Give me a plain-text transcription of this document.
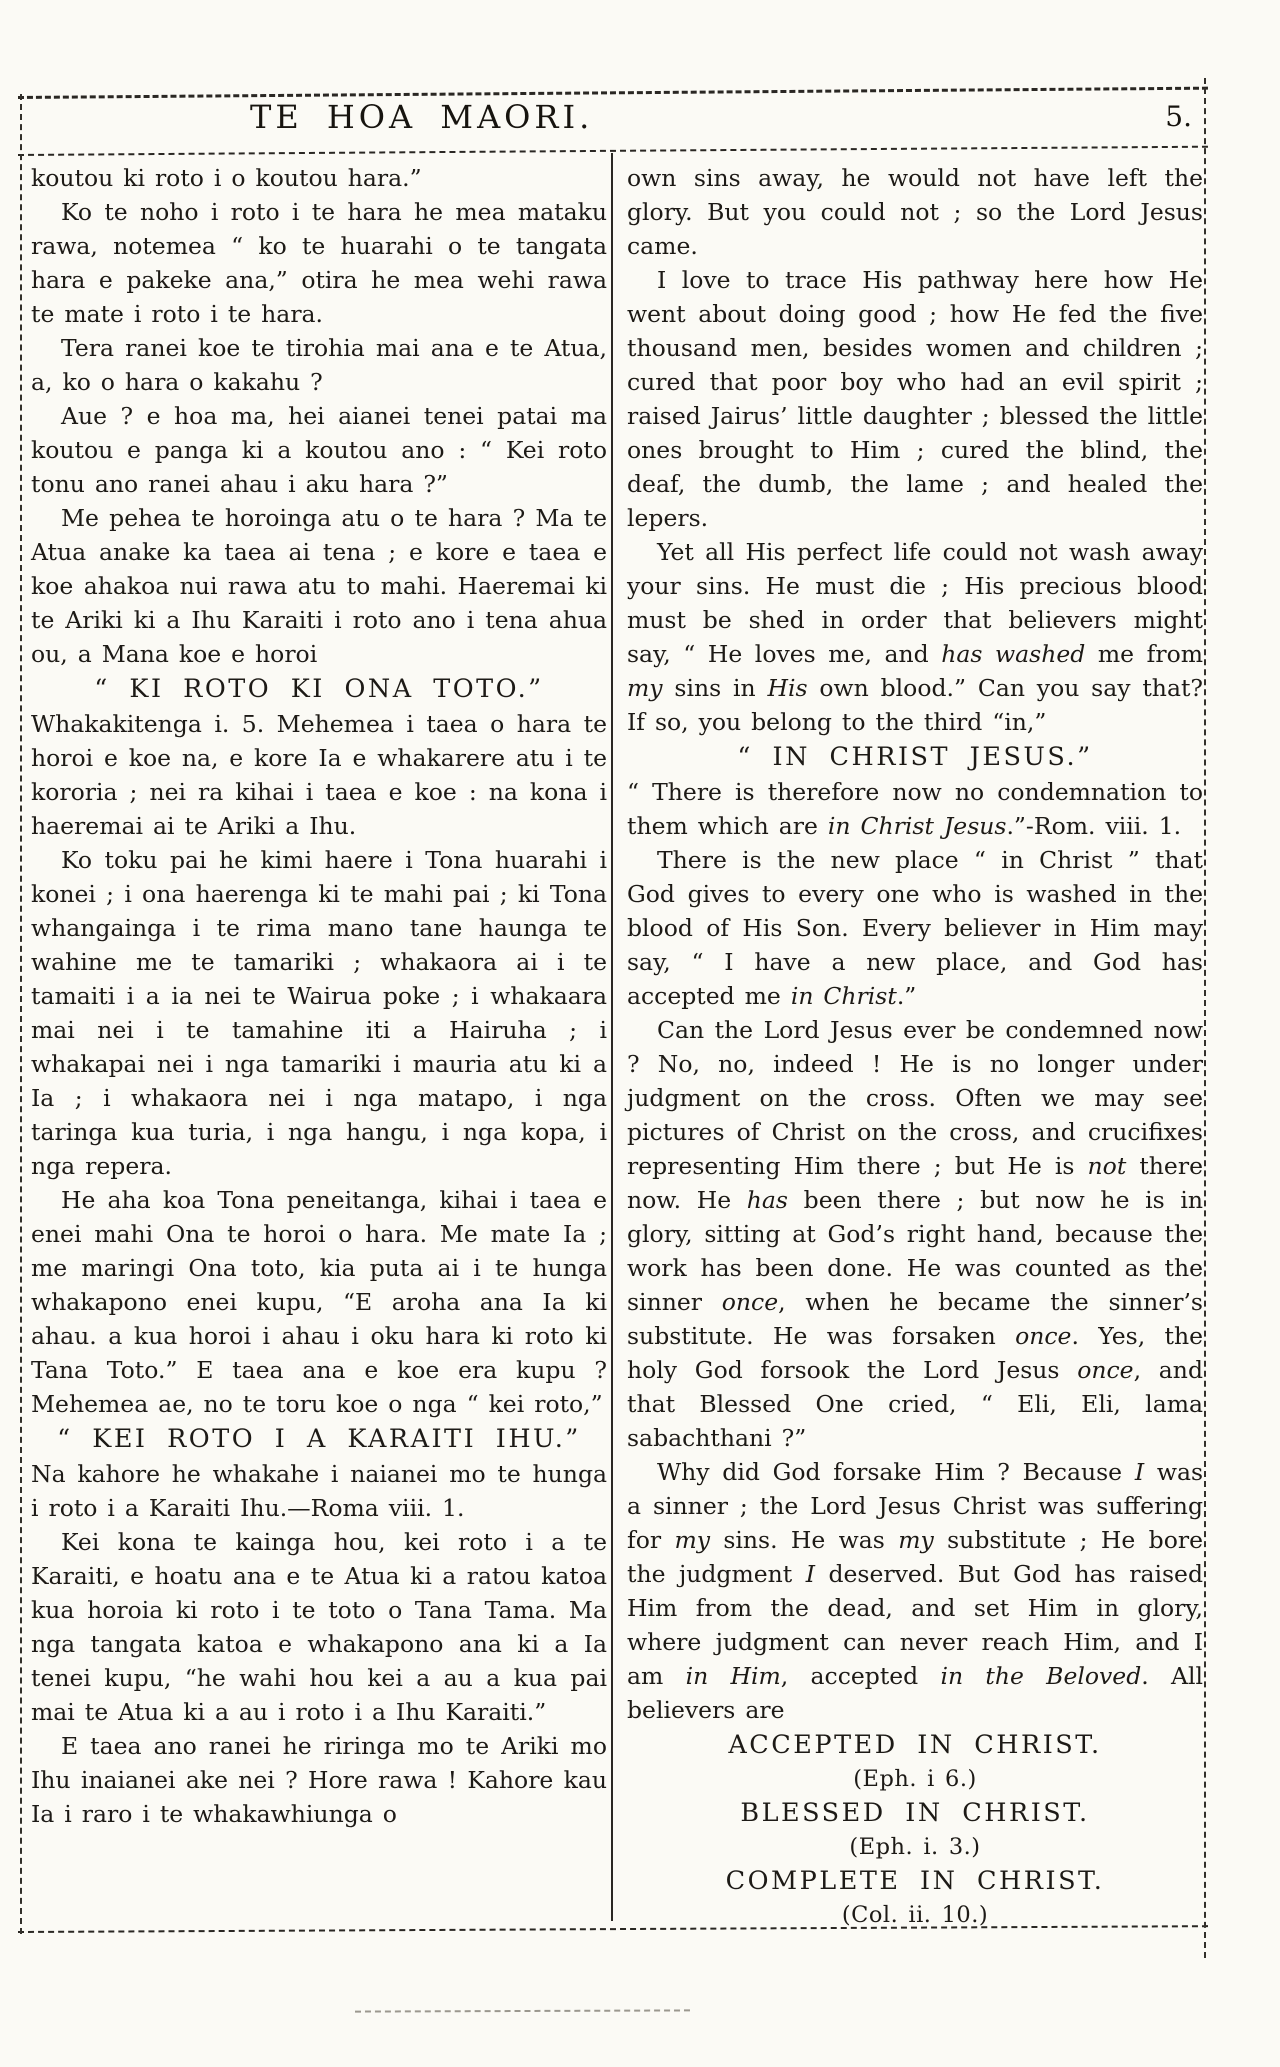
TE HOA MAORI.	5.

koutou ki roto i o koutou hara.”

Ko te noho i roto i te hara he mea mataku rawa, notemea “ ko te huarahi o te tangata hara e pakeke ana,” otira he mea wehi rawa te mate i roto i te hara.

Tera ranei koe te tirohia mai ana e te Atua, a, ko o hara o kakahu ?

Aue ? e hoa ma, hei aianei tenei patai ma koutou e panga ki a koutou ano : “ Kei roto tonu ano ranei ahau i aku hara ?”

Me pehea te horoinga atu o te hara ? Ma te Atua anake ka taea ai tena ; e kore e taea e koe ahakoa nui rawa atu to mahi. Haeremai ki te Ariki ki a Ihu Karaiti i roto ano i tena ahua ou, a Mana koe e horoi

“ KI ROTO KI ONA TOTO.”

Whakakitenga i. 5. Mehemea i taea o hara te horoi e koe na, e kore Ia e whakarere atu i te kororia ; nei ra kihai i taea e koe : na kona i haeremai ai te Ariki a Ihu.

Ko toku pai he kimi haere i Tona huarahi i konei ; i ona haerenga ki te mahi pai ; ki Tona whangainga i te rima mano tane haunga te wahine me te tamariki ; whakaora ai i te tamaiti i a ia nei te Wairua poke ; i whakaara mai nei i te tamahine iti a Hairuha ; i whakapai nei i nga tamariki i mauria atu ki a Ia ; i whakaora nei i nga matapo, i nga taringa kua turia, i nga hangu, i nga kopa, i nga repera.

He aha koa Tona peneitanga, kihai i taea e enei mahi Ona te horoi o hara. Me mate Ia ; me maringi Ona toto, kia puta ai i te hunga whakapono enei kupu, “E aroha ana Ia ki ahau. a kua horoi i ahau i oku hara ki roto ki Tana Toto.” E taea ana e koe era kupu ? Mehemea ae, no te toru koe o nga “ kei roto,”

“ KEI ROTO I A KARAITI IHU.”

Na kahore he whakahe i naianei mo te hunga i roto i a Karaiti Ihu.—Roma viii. 1.

Kei kona te kainga hou, kei roto i a te Karaiti, e hoatu ana e te Atua ki a ratou katoa kua horoia ki roto i te toto o Tana Tama. Ma nga tangata katoa e whakapono ana ki a Ia tenei kupu, “he wahi hou kei a au a kua pai mai te Atua ki a au i roto i a Ihu Karaiti.”

E taea ano ranei he riringa mo te Ariki mo Ihu inaianei ake nei ? Hore rawa ! Kahore kau Ia i raro i te whakawhiunga o

own sins away, he would not have left the glory. But you could not ; so the Lord Jesus came.

I love to trace His pathway here how He went about doing good ; how He fed the five thousand men, besides women and children ; cured that poor boy who had an evil spirit ; raised Jairus’ little daughter ; blessed the little ones brought to Him ; cured the blind, the deaf, the dumb, the lame ; and healed the lepers.

Yet all His perfect life could not wash away your sins. He must die ; His precious blood must be shed in order that believers might say, “ He loves me, and has washed me from my sins in His own blood.” Can you say that? If so, you belong to the third “in,”

“ IN CHRIST JESUS.”

“ There is therefore now no condemnation to them which are in Christ Jesus.”-Rom. viii. 1.

There is the new place “ in Christ ” that God gives to every one who is washed in the blood of His Son. Every believer in Him may say, “ I have a new place, and God has accepted me in Christ.”

Can the Lord Jesus ever be condemned now ? No, no, indeed ! He is no longer under judgment on the cross. Often we may see pictures of Christ on the cross, and crucifixes representing Him there ; but He is not there now. He has been there ; but now he is in glory, sitting at God’s right hand, because the work has been done. He was counted as the sinner once, when he became the sinner’s substitute. He was forsaken once. Yes, the holy God forsook the Lord Jesus once, and that Blessed One cried, “ Eli, Eli, lama sabachthani ?”

Why did God forsake Him ? Because I was a sinner ; the Lord Jesus Christ was suffering for my sins. He was my substitute ; He bore the judgment I deserved. But God has raised Him from the dead, and set Him in glory, where judgment can never reach Him, and I am in Him, accepted in the Beloved. All believers are

ACCEPTED IN CHRIST.

(Eph. i 6.)

BLESSED IN CHRIST.

(Eph. i. 3.)

COMPLETE IN CHRIST.

(Col. ii. 10.)
